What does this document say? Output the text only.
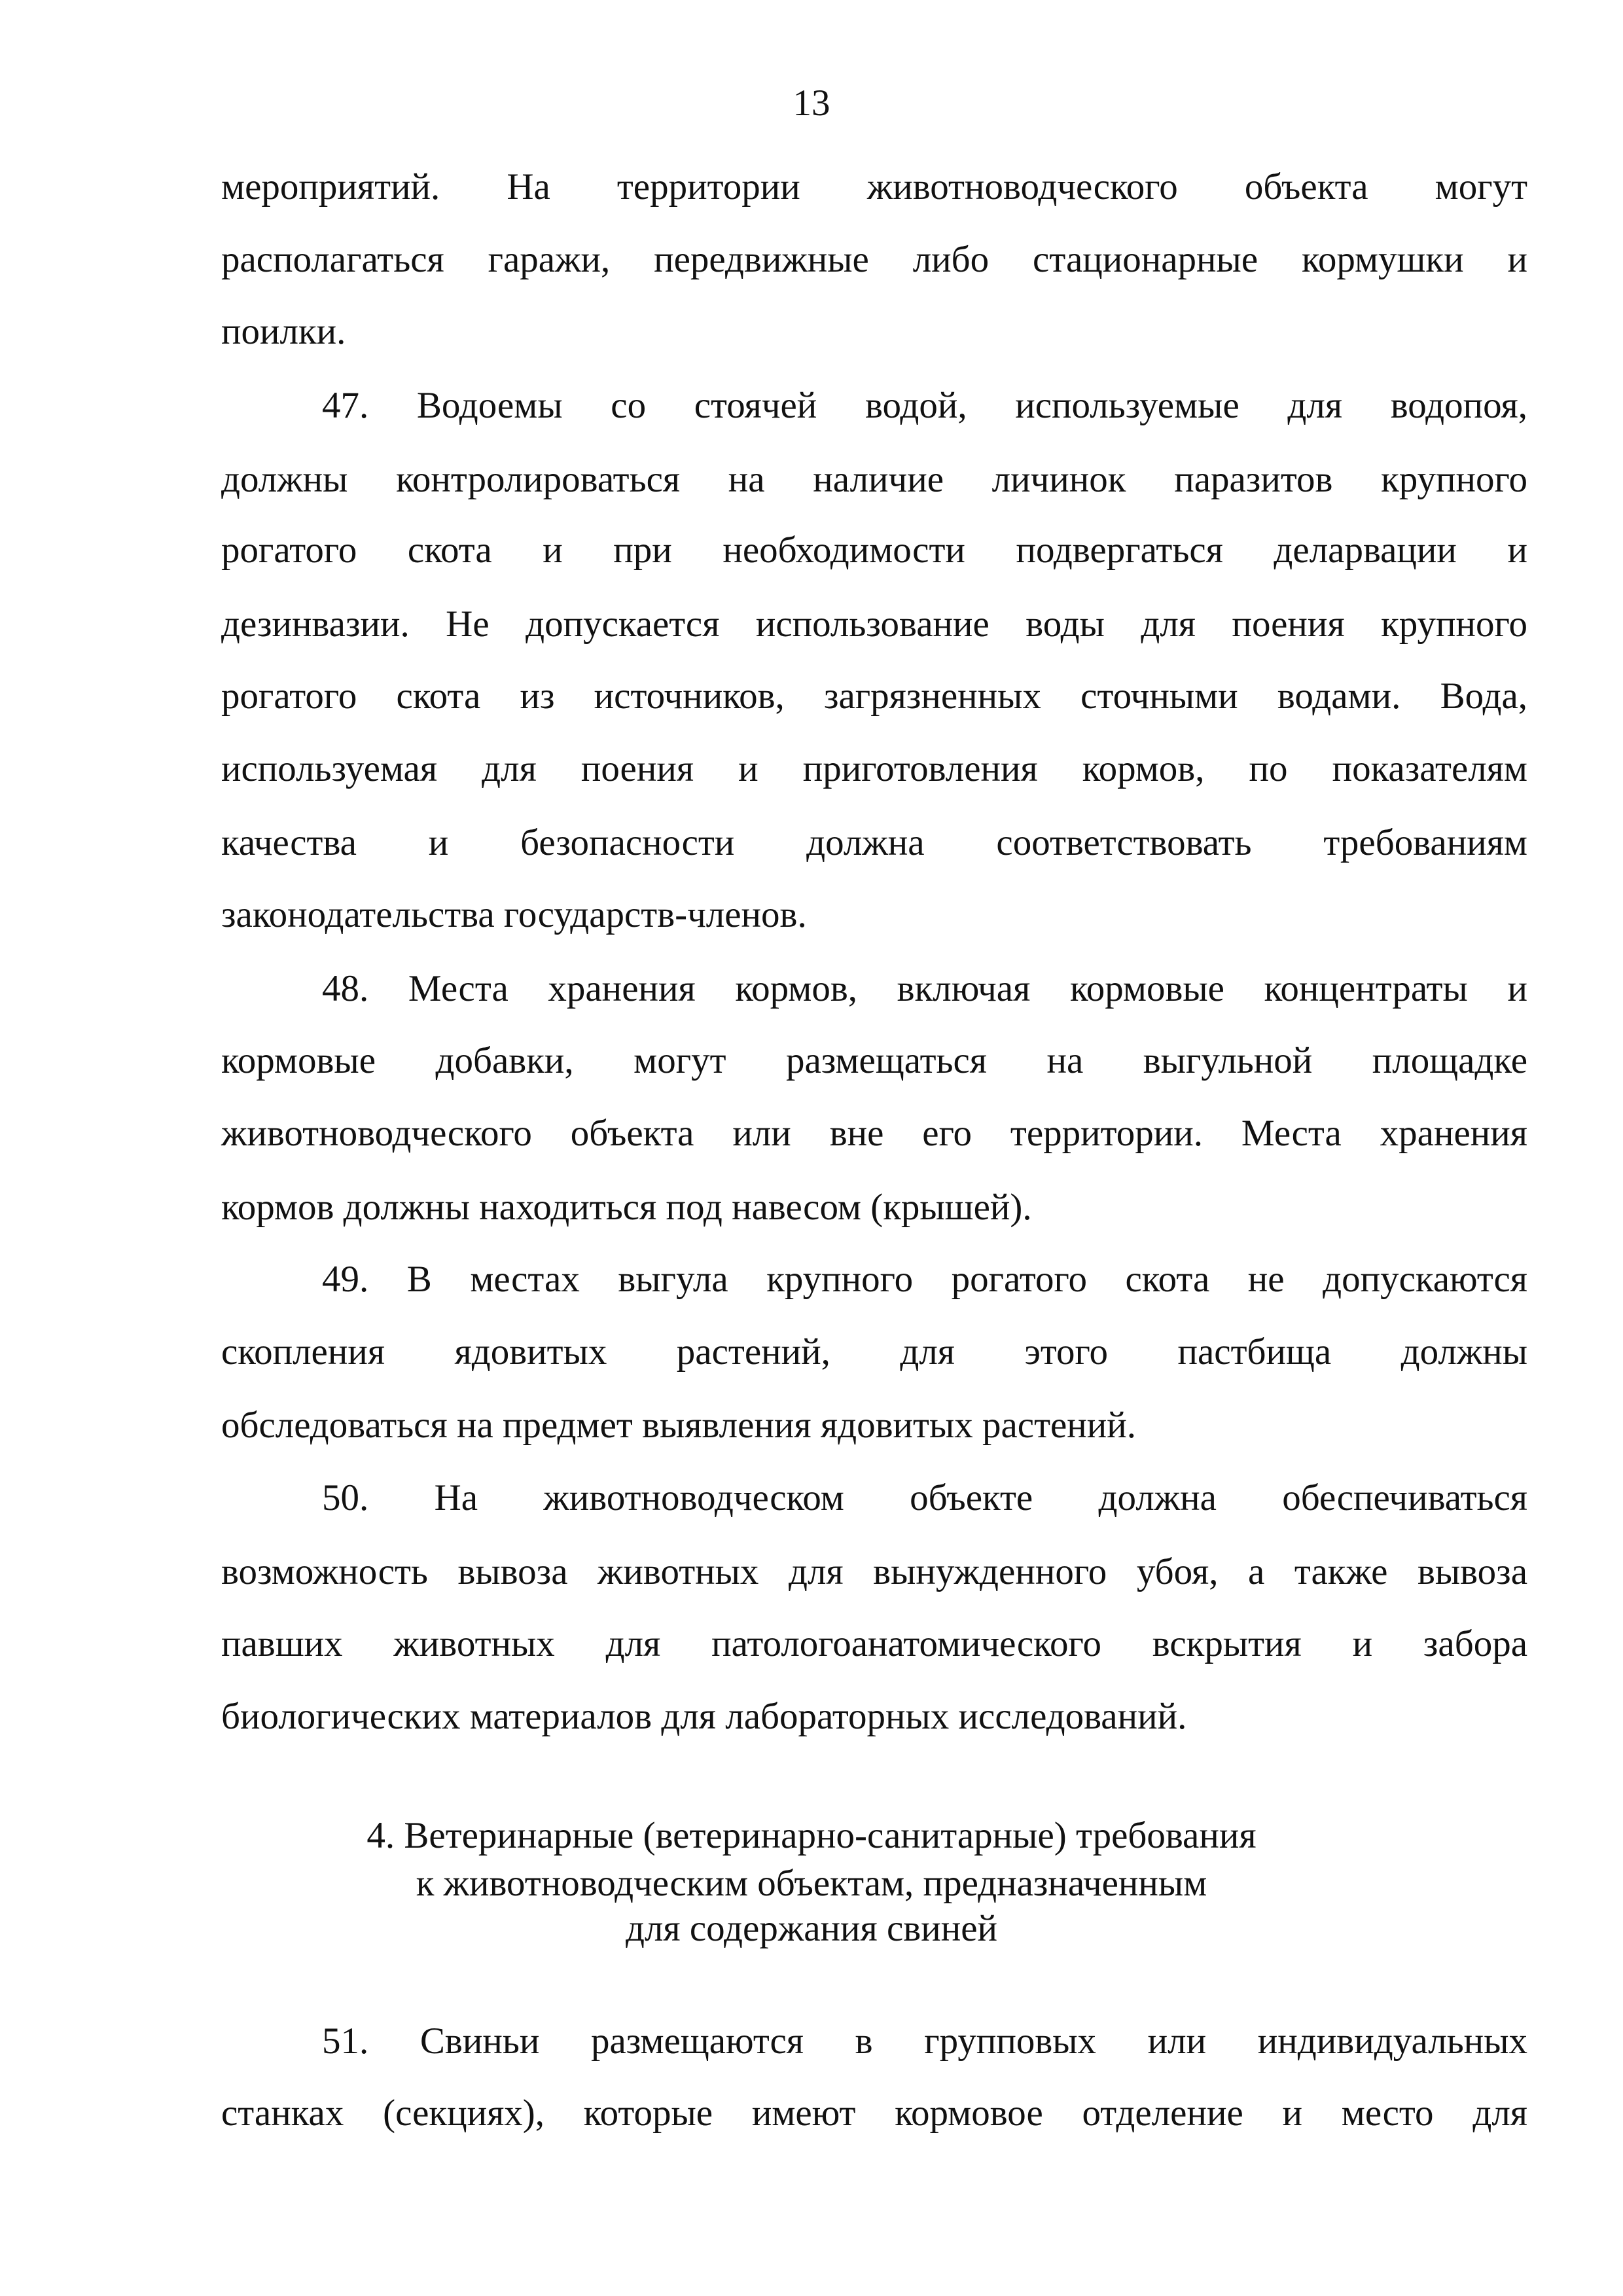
13
мероприятий. На территории животноводческого объекта могут
располагаться гаражи, передвижные либо стационарные кормушки и
поилки.
47. Водоемы со стоячей водой, используемые для водопоя,
должны контролироваться на наличие личинок паразитов крупного
рогатого скота и при необходимости подвергаться деларвации и
дезинвазии. Не допускается использование воды для поения крупного
рогатого скота из источников, загрязненных сточными водами. Вода,
используемая для поения и приготовления кормов, по показателям
качества и безопасности должна соответствовать требованиям
законодательства государств-членов.
48. Места хранения кормов, включая кормовые концентраты и
кормовые добавки, могут размещаться на выгульной площадке
животноводческого объекта или вне его территории. Места хранения
кормов должны находиться под навесом (крышей).
49. В местах выгула крупного рогатого скота не допускаются
скопления ядовитых растений, для этого пастбища должны
обследоваться на предмет выявления ядовитых растений.
50. На животноводческом объекте должна обеспечиваться
возможность вывоза животных для вынужденного убоя, а также вывоза
павших животных для патологоанатомического вскрытия и забора
биологических материалов для лабораторных исследований.
4. Ветеринарные (ветеринарно-санитарные) требования
к животноводческим объектам, предназначенным
для содержания свиней
51. Свиньи размещаются в групповых или индивидуальных
станках (секциях), которые имеют кормовое отделение и место для
